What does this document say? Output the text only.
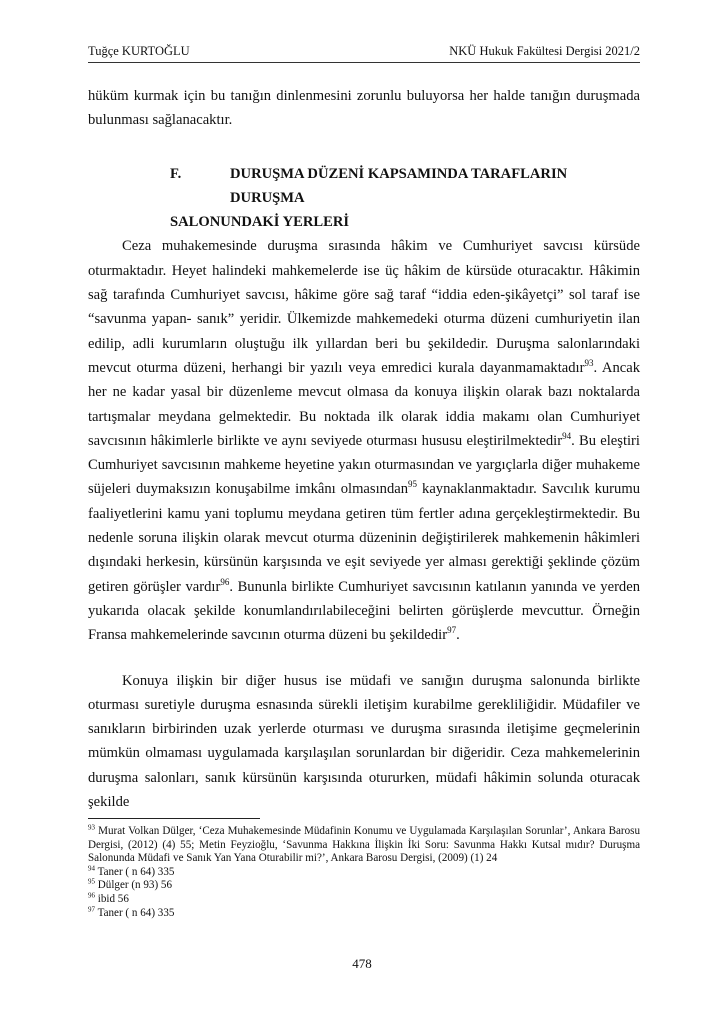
Tuğçe KURTOĞLU	NKÜ Hukuk Fakültesi Dergisi 2021/2

hüküm kurmak için bu tanığın dinlenmesini zorunlu buluyorsa her halde tanığın duruşmada bulunması sağlanacaktır.

F.	DURUŞMA DÜZENİ KAPSAMINDA TARAFLARIN DURUŞMA
SALONUNDAKİ YERLERİ

Ceza muhakemesinde duruşma sırasında hâkim ve Cumhuriyet savcısı kürsüde oturmaktadır. Heyet halindeki mahkemelerde ise üç hâkim de kürsüde oturacaktır. Hâkimin sağ tarafında Cumhuriyet savcısı, hâkime göre sağ taraf “iddia eden-şikâyetçi” sol taraf ise “savunma yapan- sanık” yeridir. Ülkemizde mahkemedeki oturma düzeni cumhuriyetin ilan edilip, adli kurumların oluştuğu ilk yıllardan beri bu şekildedir. Duruşma salonlarındaki mevcut oturma düzeni, herhangi bir yazılı veya emredici kurala dayanmamaktadır$^{93}$. Ancak her ne kadar yasal bir düzenleme mevcut olmasa da konuya ilişkin olarak bazı noktalarda tartışmalar meydana gelmektedir. Bu noktada ilk olarak iddia makamı olan Cumhuriyet savcısının hâkimlerle birlikte ve aynı seviyede oturması hususu eleştirilmektedir$^{94}$. Bu eleştiri Cumhuriyet savcısının mahkeme heyetine yakın oturmasından ve yargıçlarla diğer muhakeme süjeleri duymaksızın konuşabilme imkânı olmasından$^{95}$ kaynaklanmaktadır. Savcılık kurumu faaliyetlerini kamu yani toplumu meydana getiren tüm fertler adına gerçekleştirmektedir. Bu nedenle soruna ilişkin olarak mevcut oturma düzeninin değiştirilerek mahkemenin hâkimleri dışındaki herkesin, kürsünün karşısında ve eşit seviyede yer alması gerektiği şeklinde çözüm getiren görüşler vardır$^{96}$. Bununla birlikte Cumhuriyet savcısının katılanın yanında ve yerden yukarıda olacak şekilde konumlandırılabileceğini belirten görüşlerde mevcuttur. Örneğin Fransa mahkemelerinde savcının oturma düzeni bu şekildedir$^{97}$.

Konuya ilişkin bir diğer husus ise müdafi ve sanığın duruşma salonunda birlikte oturması suretiyle duruşma esnasında sürekli iletişim kurabilme gerekliliğidir. Müdafiler ve sanıkların birbirinden uzak yerlerde oturması ve duruşma sırasında iletişime geçmelerinin mümkün olmaması uygulamada karşılaşılan sorunlardan bir diğeridir. Ceza mahkemelerinin duruşma salonları, sanık kürsünün karşısında otururken, müdafi hâkimin solunda oturacak şekilde

$^{93}$ Murat Volkan Dülger, ‘Ceza Muhakemesinde Müdafinin Konumu ve Uygulamada Karşılaşılan Sorunlar’, Ankara Barosu Dergisi, (2012) (4) 55; Metin Feyzioğlu, ‘Savunma Hakkına İlişkin İki Soru: Savunma Hakkı Kutsal mıdır? Duruşma Salonunda Müdafi ve Sanık Yan Yana Oturabilir mi?’, Ankara Barosu Dergisi, (2009) (1) 24

$^{94}$ Taner ( n 64) 335

$^{95}$ Dülger (n 93) 56

$^{96}$ ibid 56

$^{97}$ Taner ( n 64) 335

478
